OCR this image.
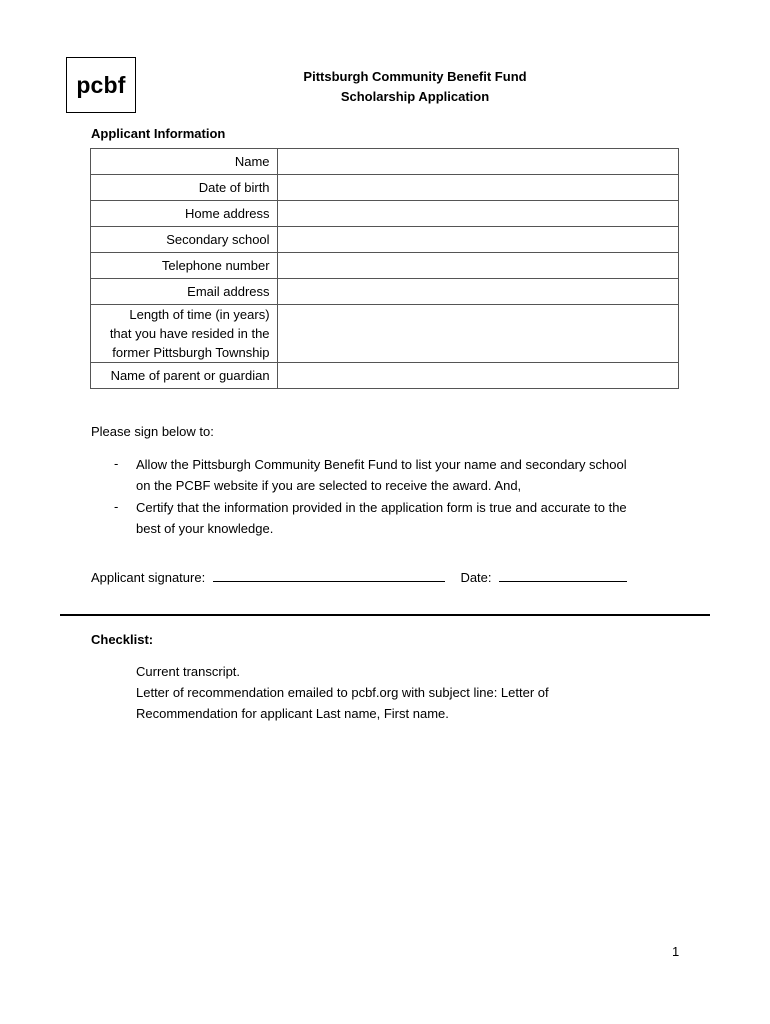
pcbf	Pittsburgh Community Benefit Fund
Scholarship Application
Applicant Information
Name	
Date of birth	
Home address	
Secondary school	
Telephone number	
Email address	

Length of time (in years)
that you have resided in the
former Pittsburgh Township	

Name of parent or guardian	
Please sign below to:
- Allow the Pittsburgh Community Benefit Fund to list your name and secondary school
on the PCBF website if you are selected to receive the award. And,
- Certify that the information provided in the application form is true and accurate to the
best of your knowledge.
Applicant signature:	Date:
Checklist:
Current transcript.
Letter of recommendation emailed to pcbf.org with subject line: Letter of
Recommendation for applicant Last name, First name.
1
